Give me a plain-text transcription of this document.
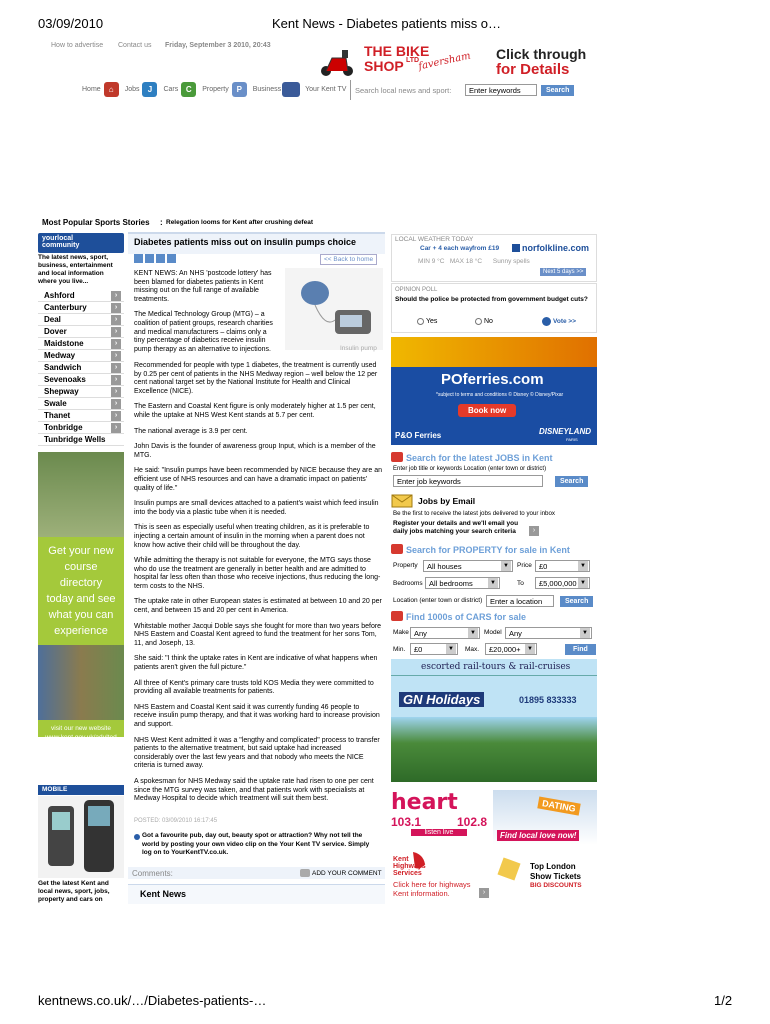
03/09/2010	Kent News - Diabetes patients miss o…
How to advertise Contact us Friday, September 3 2010, 20:43	THE BIKE
SHOP LTD
faversham Click through
for Details
Home	⌂	Jobs	J	Cars C	Property P	Business	Your Kent TV Search local news and sport: Enter keywords	Search
Most Popular Sports Stories : Relegation looms for Kent after crushing defeat
yourlocal
community
The latest news, sport, business, entertainment and local information where you live...
Ashford	›
Canterbury	›
Deal	›
Dover	›
Maidstone	›
Medway	›
Sandwich	›
Sevenoaks	›
Shepway	›
Swale	›
Thanet	›
Tonbridge	›
Tunbridge Wells
Get your new
course directory
today and see
what you can
experience
visit our new website
www.kent.gov.uk/adulted
or call 08458 606 5606
MOBILE
Get the latest Kent and local news, sport, jobs, property and cars on
Diabetes patients miss out on insulin pumps choice
<< Back to home

KENT NEWS: An NHS 'postcode lottery' has been blamed for diabetes patients in Kent missing out on the full range of available treatments.

The Medical Technology Group (MTG) – a coalition of patient groups, research charities and medical manufacturers – claims only a tiny percentage of diabetics receive insulin pump therapy as an alternative to injections.	Insulin pump

Recommended for people with type 1 diabetes, the treatment is currently used by 0.25 per cent of patients in the NHS Medway region – well below the 12 per cent national target set by the National Institute for Health and Clinical Excellence (NICE).

The Eastern and Coastal Kent figure is only moderately higher at 1.5 per cent, while the uptake at NHS West Kent stands at 5.7 per cent.

The national average is 3.9 per cent.

John Davis is the founder of awareness group Input, which is a member of the MTG.

He said: "Insulin pumps have been recommended by NICE because they are an efficient use of NHS resources and can have a dramatic impact on patients' quality of life."

Insulin pumps are small devices attached to a patient's waist which feed insulin into the body via a plastic tube when it is needed.

This is seen as especially useful when treating children, as it is preferable to injecting a certain amount of insulin in the morning when a parent does not know how active their child will be throughout the day.

While admitting the therapy is not suitable for everyone, the MTG says those who do use the treatment are generally in better health and are admitted to hospital far less often than those who receive injections, thus reducing the long-term costs to the NHS.

The uptake rate in other European states is estimated at between 10 and 20 per cent, and between 15 and 20 per cent in America.

Whitstable mother Jacqui Doble says she fought for more than two years before NHS Eastern and Coastal Kent agreed to fund the treatment for her sons Tom, 11, and Joseph, 13.

She said: "I think the uptake rates in Kent are indicative of what happens when patients aren't given the full picture."

All three of Kent's primary care trusts told KOS Media they were committed to providing all available treatments for patients.

NHS Eastern and Coastal Kent said it was currently funding 46 people to receive insulin pump therapy, and that it was working hard to increase provision and support.

NHS West Kent admitted it was a "lengthy and complicated" process to transfer patients to the alternative treatment, but said uptake had increased considerably over the last few years and that nobody who meets the NICE criteria is turned away.

A spokesman for NHS Medway said the uptake rate had risen to one per cent since the MTG survey was taken, and that patients work with specialists at Medway Hospital to decide which treatment will suit them best.

POSTED: 03/09/2010 16:17:45
Got a favourite pub, day out, beauty spot or attraction? Why not tell the world by posting your own video clip on the Your Kent TV service. Simply log on to YourKentTV.co.uk.
Comments:	ADD YOUR COMMENT
Kent News
LOCAL WEATHER TODAY
Car + 4 each way from £19	norfolkline.com
MIN 9 °C   MAX 18 °C      Sunny spells
Next 5 days >>
OPINION POLL
Should the police be protected from government budget cuts?
Yes	No	Vote >>
POferries.com
*subject to terms and conditions © Disney © Disney/Pixar
Book now
P&O Ferries	DISNEYLAND
PARIS
Search for the latest JOBS in Kent
Enter job title or keywords Location (enter town or district)
Enter job keywords	Search
Jobs by Email
Be the first to receive the latest jobs delivered to your inbox
Register your details and we'll email you daily jobs matching your search criteria	›
Search for PROPERTY for sale in Kent
Property All houses	▼	Price £0	▼
Bedrooms All bedrooms	▼	To £5,000,000 ▼
Location (enter town or district) Enter a location	Search
Find 1000s of CARS for sale
Make Any	▼	Model Any	▼
Min. £0	▼	Max. £20,000+	▼	Find
escorted rail-tours & rail-cruises
GN Holidays	01895 833333
heart
103.1	102.8
listen live
DATING
Find local love now!
Kent Highways Services
Click here for highways Kent information.	›
Top London Show Tickets
BIG DISCOUNTS
kentnews.co.uk/…/Diabetes-patients-…	1/2
